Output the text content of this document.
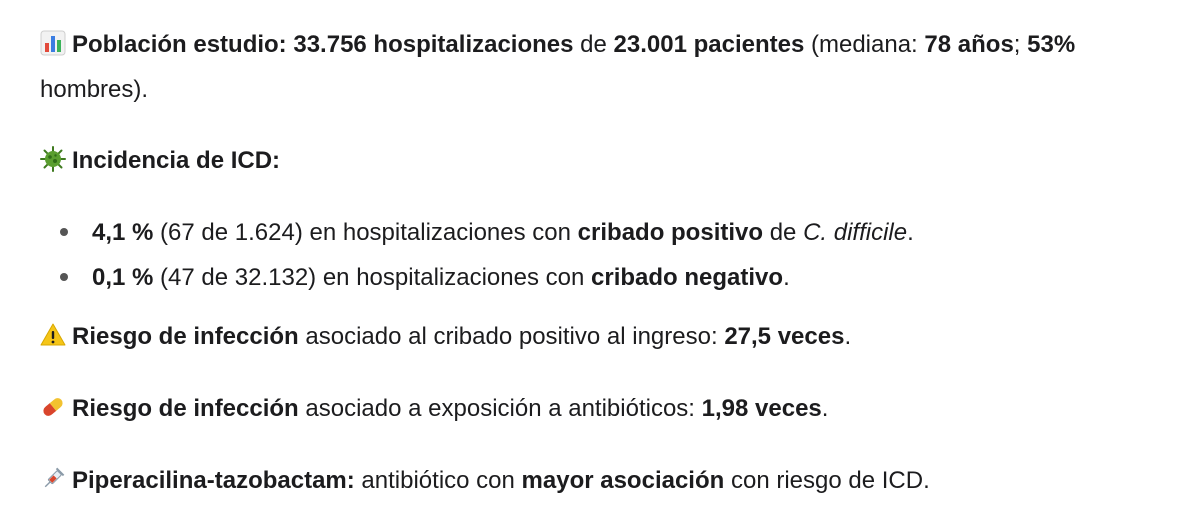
Población estudio: 33.756 hospitalizaciones de 23.001 pacientes (mediana: 78 años; 53% hombres).
Incidencia de ICD:
4,1 % (67 de 1.624) en hospitalizaciones con cribado positivo de C. difficile.
0,1 % (47 de 32.132) en hospitalizaciones con cribado negativo.
Riesgo de infección asociado al cribado positivo al ingreso: 27,5 veces.
Riesgo de infección asociado a exposición a antibióticos: 1,98 veces.
Piperacilina-tazobactam: antibiótico con mayor asociación con riesgo de ICD.
